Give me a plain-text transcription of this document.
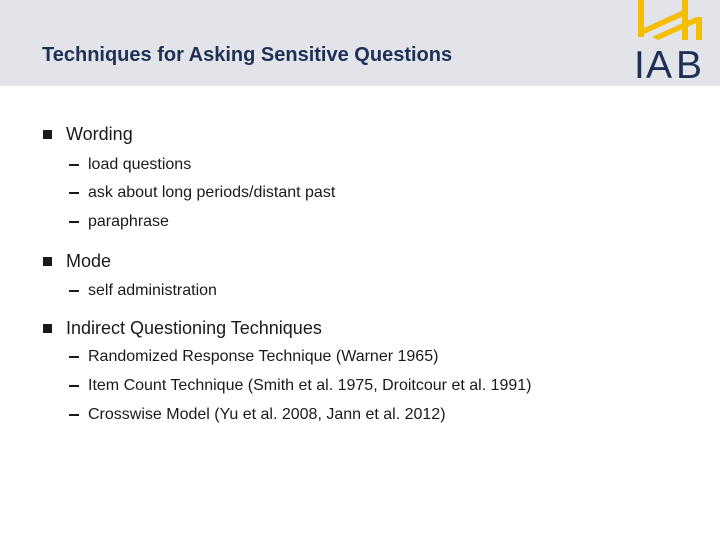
Techniques for Asking Sensitive Questions	I A B
Wording
load questions
ask about long periods/distant past
paraphrase
Mode
self administration
Indirect Questioning Techniques
Randomized Response Technique (Warner 1965)
Item Count Technique (Smith et al. 1975, Droitcour et al. 1991)
Crosswise Model (Yu et al. 2008, Jann et al. 2012)
